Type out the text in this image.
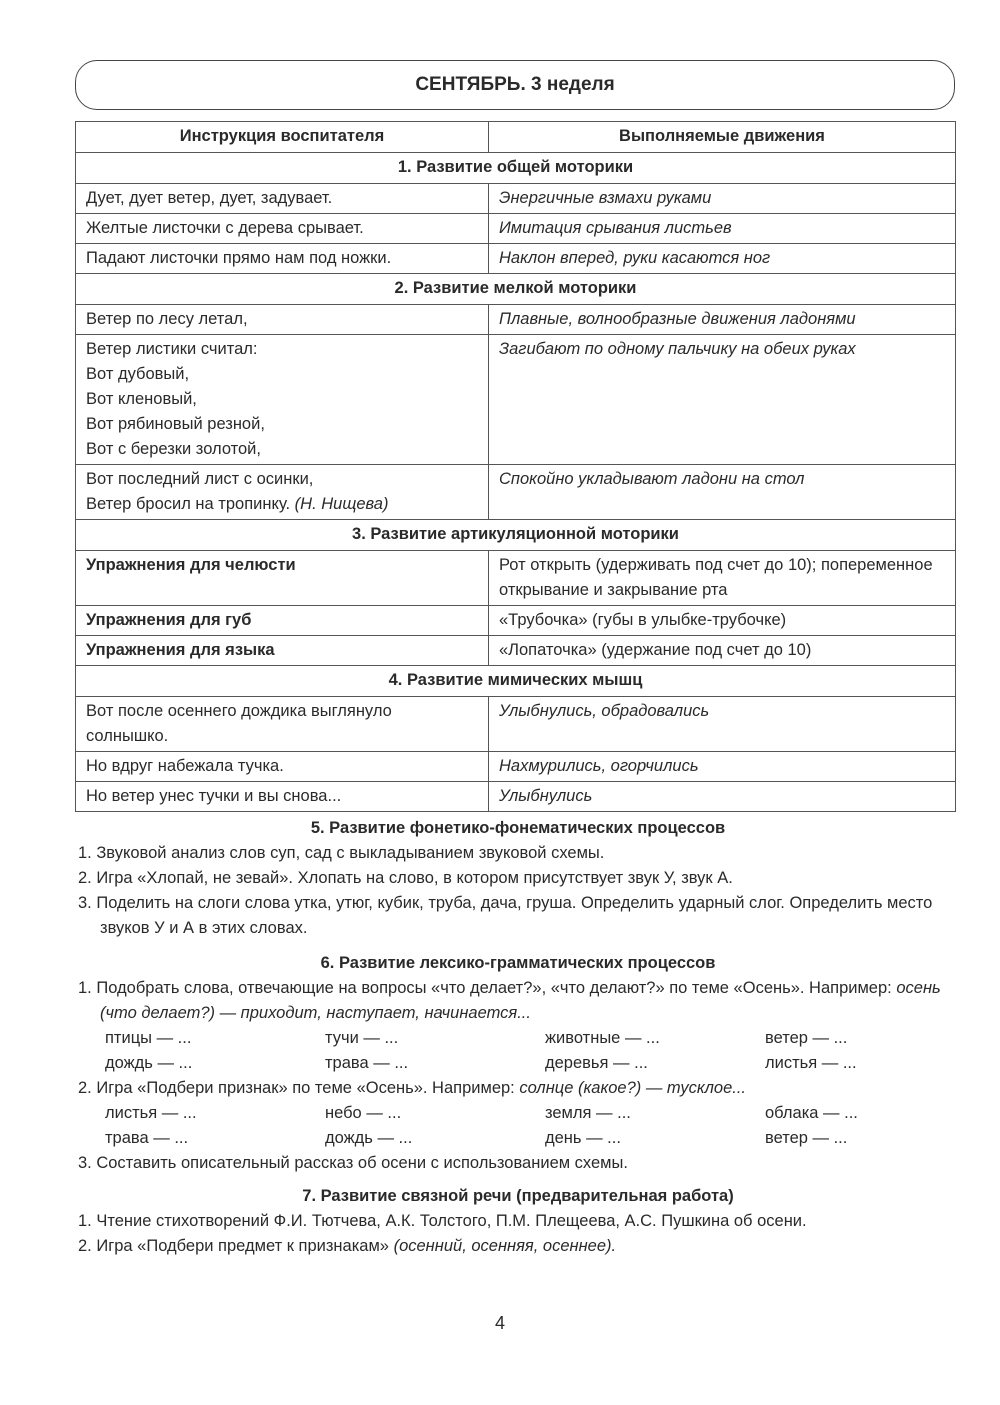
СЕНТЯБРЬ. 3 неделя
Инструкция воспитателя	Выполняемые движения
1. Развитие общей моторики	

Дует, дует ветер, дует, задувает.	Энергичные взмахи руками

Желтые листочки с дерева срывает.	Имитация срывания листьев

Падают листочки прямо нам под ножки.	Наклон вперед, руки касаются ног
2. Развитие мелкой моторики	

Ветер по лесу летал,	Плавные, волнообразные движения ладонями

Ветер листики считал:
Вот дубовый,
Вот кленовый,
Вот рябиновый резной,
Вот с березки золотой,	Загибают по одному пальчику на обеих руках

Вот последний лист с осинки,
Ветер бросил на тропинку. (Н. Нищева)	Спокойно укладывают ладони на стол
3. Развитие артикуляционной моторики	

Упражнения для челюсти	Рот открыть (удерживать под счет до 10); попеременное открывание и закрывание рта

Упражнения для губ	«Трубочка» (губы в улыбке-трубочке)

Упражнения для языка	«Лопаточка» (удержание под счет до 10)
4. Развитие мимических мышц	

Вот после осеннего дождика выглянуло солнышко.	Улыбнулись, обрадовались

Но вдруг набежала тучка.	Нахмурились, огорчились

Но ветер унес тучки и вы снова...	Улыбнулись
5. Развитие фонетико-фонематических процессов
1. Звуковой анализ слов суп, сад с выкладыванием звуковой схемы.
2. Игра «Хлопай, не зевай». Хлопать на слово, в котором присутствует звук У, звук А.
3. Поделить на слоги слова утка, утюг, кубик, труба, дача, груша. Определить ударный слог. Определить место звуков У и А в этих словах.
6. Развитие лексико-грамматических процессов
1. Подобрать слова, отвечающие на вопросы «что делает?», «что делают?» по теме «Осень». Например: осень (что делает?) — приходит, наступает, начинается...
птицы — ...	тучи — ...	животные — ...	ветер — ...
дождь — ...	трава — ...	деревья — ...	листья — ...
2. Игра «Подбери признак» по теме «Осень». Например: солнце (какое?) — тусклое...
листья — ...	небо — ...	земля — ...	облака — ...
трава — ...	дождь — ...	день — ...	ветер — ...
3. Составить описательный рассказ об осени с использованием схемы.
7. Развитие связной речи (предварительная работа)
1. Чтение стихотворений Ф.И. Тютчева, А.К. Толстого, П.М. Плещеева, А.С. Пушкина об осени.
2. Игра «Подбери предмет к признакам» (осенний, осенняя, осеннее).
4
